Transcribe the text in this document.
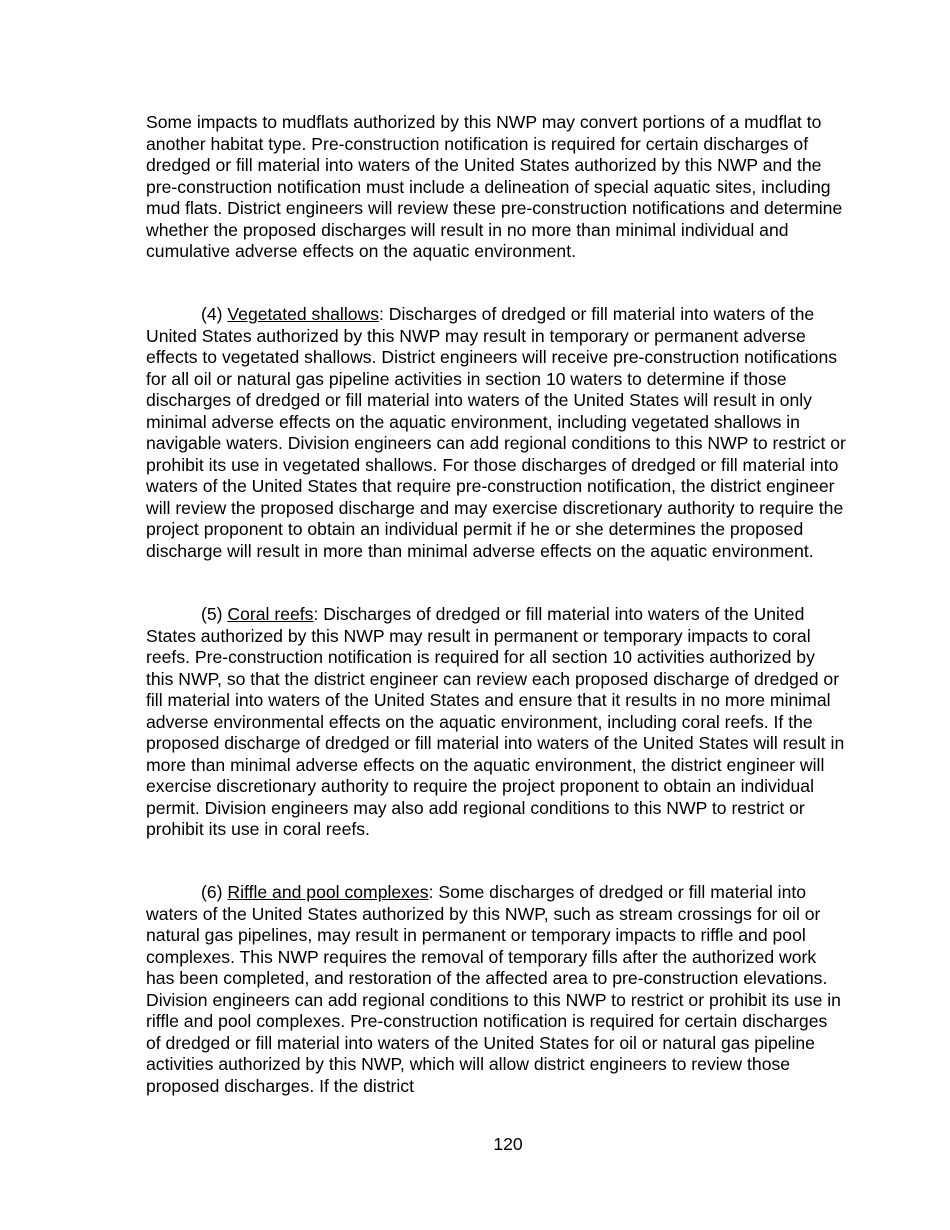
Some impacts to mudflats authorized by this NWP may convert portions of a mudflat to another habitat type. Pre-construction notification is required for certain discharges of dredged or fill material into waters of the United States authorized by this NWP and the pre-construction notification must include a delineation of special aquatic sites, including mud flats. District engineers will review these pre-construction notifications and determine whether the proposed discharges will result in no more than minimal individual and cumulative adverse effects on the aquatic environment.

(4) Vegetated shallows: Discharges of dredged or fill material into waters of the United States authorized by this NWP may result in temporary or permanent adverse effects to vegetated shallows. District engineers will receive pre-construction notifications for all oil or natural gas pipeline activities in section 10 waters to determine if those discharges of dredged or fill material into waters of the United States will result in only minimal adverse effects on the aquatic environment, including vegetated shallows in navigable waters. Division engineers can add regional conditions to this NWP to restrict or prohibit its use in vegetated shallows. For those discharges of dredged or fill material into waters of the United States that require pre-construction notification, the district engineer will review the proposed discharge and may exercise discretionary authority to require the project proponent to obtain an individual permit if he or she determines the proposed discharge will result in more than minimal adverse effects on the aquatic environment.

(5) Coral reefs: Discharges of dredged or fill material into waters of the United States authorized by this NWP may result in permanent or temporary impacts to coral reefs. Pre-construction notification is required for all section 10 activities authorized by this NWP, so that the district engineer can review each proposed discharge of dredged or fill material into waters of the United States and ensure that it results in no more minimal adverse environmental effects on the aquatic environment, including coral reefs. If the proposed discharge of dredged or fill material into waters of the United States will result in more than minimal adverse effects on the aquatic environment, the district engineer will exercise discretionary authority to require the project proponent to obtain an individual permit. Division engineers may also add regional conditions to this NWP to restrict or prohibit its use in coral reefs.

(6) Riffle and pool complexes: Some discharges of dredged or fill material into waters of the United States authorized by this NWP, such as stream crossings for oil or natural gas pipelines, may result in permanent or temporary impacts to riffle and pool complexes. This NWP requires the removal of temporary fills after the authorized work has been completed, and restoration of the affected area to pre-construction elevations. Division engineers can add regional conditions to this NWP to restrict or prohibit its use in riffle and pool complexes. Pre-construction notification is required for certain discharges of dredged or fill material into waters of the United States for oil or natural gas pipeline activities authorized by this NWP, which will allow district engineers to review those proposed discharges. If the district

120
